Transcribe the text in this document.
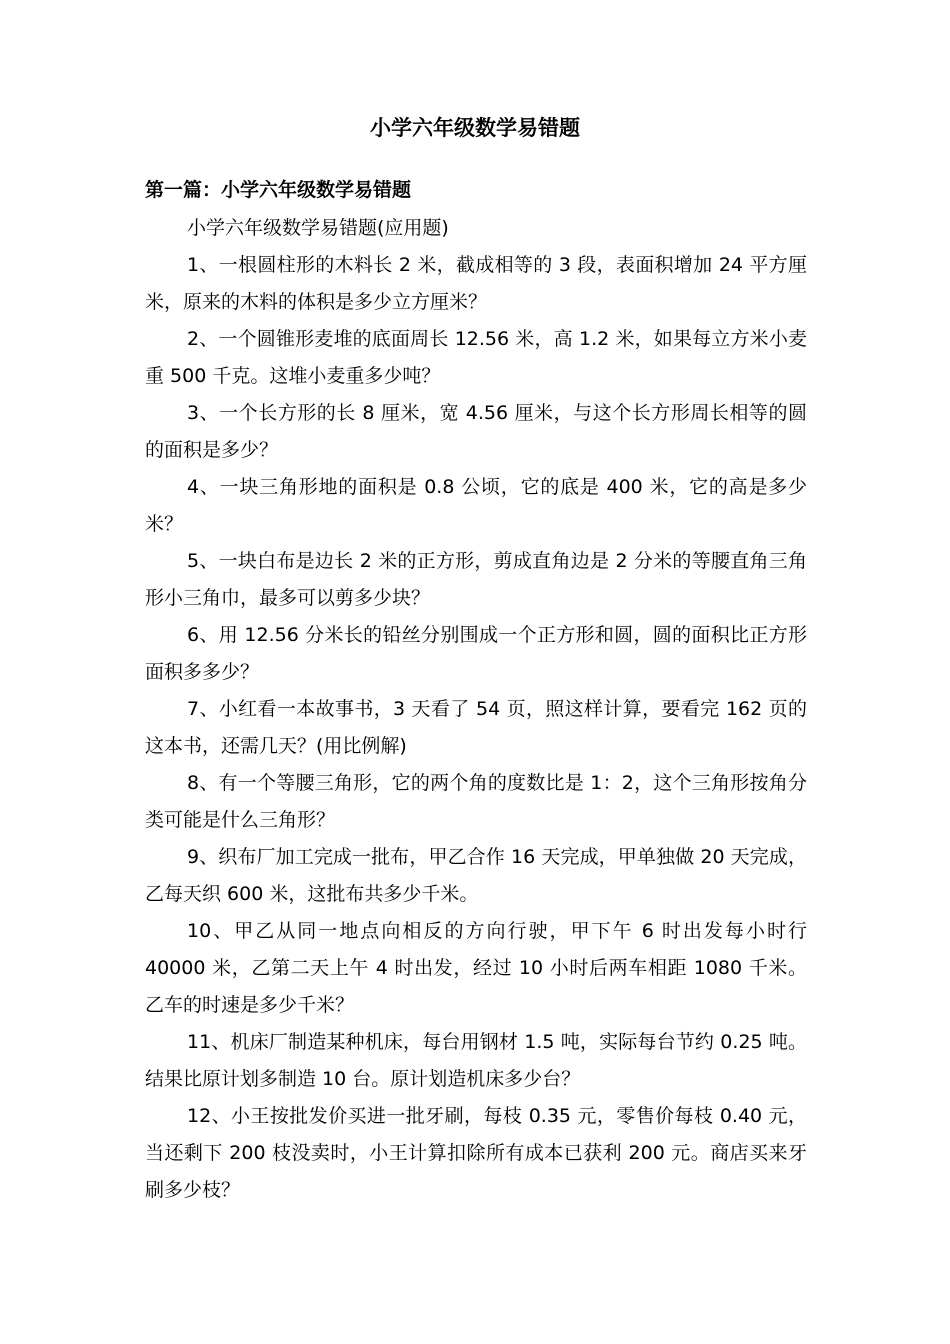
小学六年级数学易错题
第一篇：小学六年级数学易错题

小学六年级数学易错题(应用题)

1、一根圆柱形的木料长 2 米，截成相等的 3 段，表面积增加 24 平方厘米，原来的木料的体积是多少立方厘米？

2、一个圆锥形麦堆的底面周长 12.56 米，高 1.2 米，如果每立方米小麦重 500 千克。这堆小麦重多少吨？

3、一个长方形的长 8 厘米，宽 4.56 厘米，与这个长方形周长相等的圆的面积是多少？

4、一块三角形地的面积是 0.8 公顷，它的底是 400 米，它的高是多少米？

5、一块白布是边长 2 米的正方形，剪成直角边是 2 分米的等腰直角三角形小三角巾，最多可以剪多少块？

6、用 12.56 分米长的铅丝分别围成一个正方形和圆，圆的面积比正方形面积多多少？

7、小红看一本故事书，3 天看了 54 页，照这样计算，要看完 162 页的这本书，还需几天？(用比例解)

8、有一个等腰三角形，它的两个角的度数比是 1：2，这个三角形按角分类可能是什么三角形？

9、织布厂加工完成一批布，甲乙合作 16 天完成，甲单独做 20 天完成，乙每天织 600 米，这批布共多少千米。

10、甲乙从同一地点向相反的方向行驶，甲下午 6 时出发每小时行 40000 米，乙第二天上午 4 时出发，经过 10 小时后两车相距 1080 千米。乙车的时速是多少千米？

11、机床厂制造某种机床，每台用钢材 1.5 吨，实际每台节约 0.25 吨。结果比原计划多制造 10 台。原计划造机床多少台？

12、小王按批发价买进一批牙刷，每枝 0.35 元，零售价每枝 0.40 元，当还剩下 200 枝没卖时，小王计算扣除所有成本已获利 200 元。商店买来牙刷多少枝？
